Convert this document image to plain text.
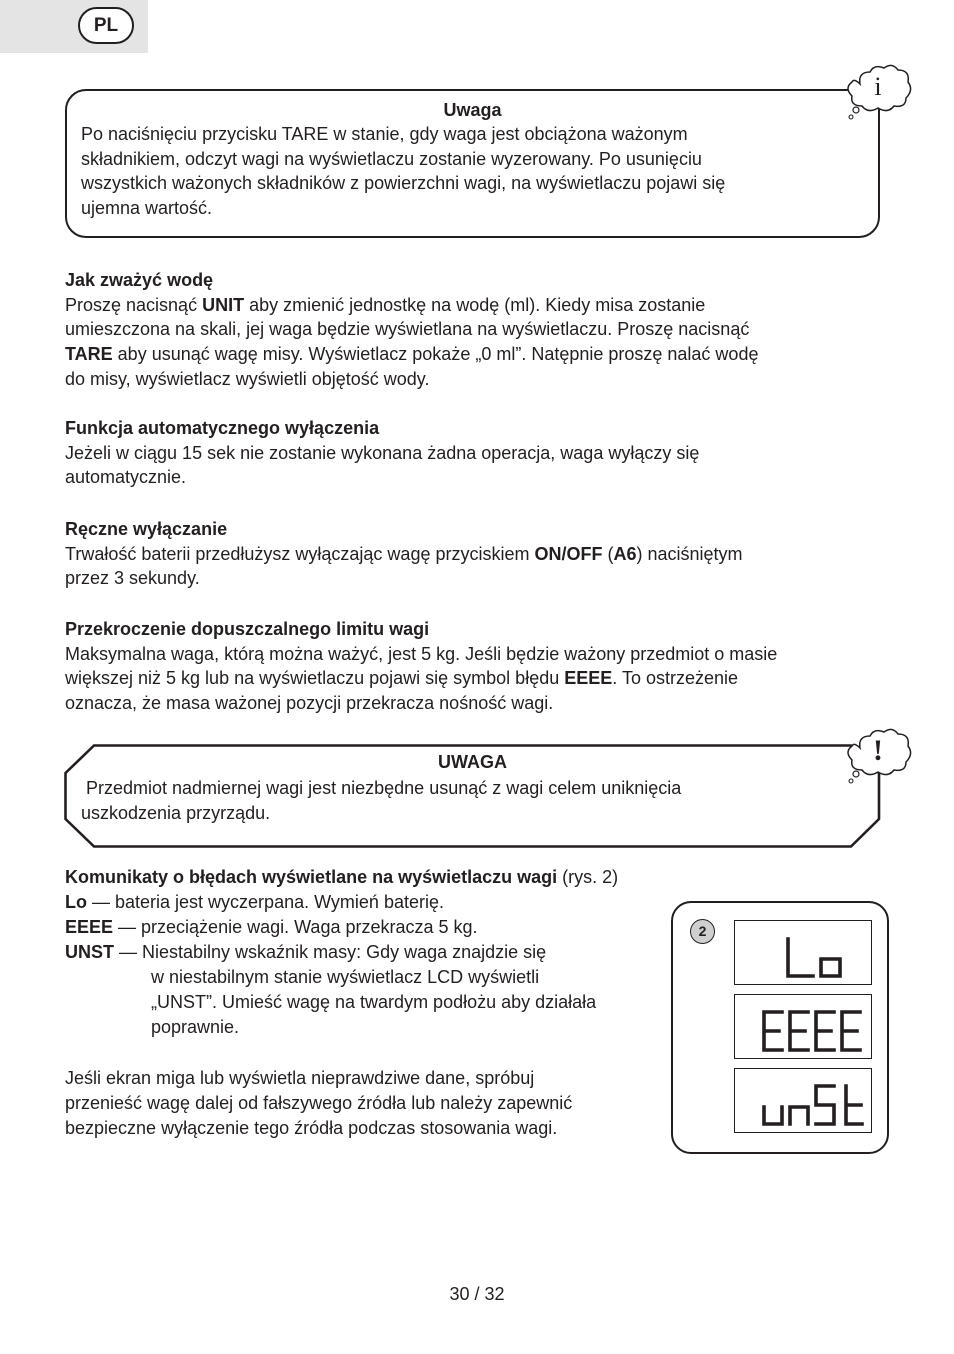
PL
Uwaga
Po naciśnięciu przycisku TARE w stanie, gdy waga jest obciążona ważonym
składnikiem, odczyt wagi na wyświetlaczu zostanie wyzerowany. Po usunięciu
wszystkich ważonych składników z powierzchni wagi, na wyświetlaczu pojawi się
ujemna wartość.
i
Jak zważyć wodę
Proszę nacisnąć UNIT aby zmienić jednostkę na wodę (ml). Kiedy misa zostanie
umieszczona na skali, jej waga będzie wyświetlana na wyświetlaczu. Proszę nacisnąć
TARE aby usunąć wagę misy. Wyświetlacz pokaże „0 ml”. Natępnie proszę nalać wodę
do misy, wyświetlacz wyświetli objętość wody.
Funkcja automatycznego wyłączenia
Jeżeli w ciągu 15 sek nie zostanie wykonana żadna operacja, waga wyłączy się
automatycznie.
Ręczne wyłączanie
Trwałość baterii przedłużysz wyłączając wagę przyciskiem ON/OFF (A6) naciśniętym
przez 3 sekundy.
Przekroczenie dopuszczalnego limitu wagi
Maksymalna waga, którą można ważyć, jest 5 kg. Jeśli będzie ważony przedmiot o masie
większej niż 5 kg lub na wyświetlaczu pojawi się symbol błędu EEEE. To ostrzeżenie
oznacza, że masa ważonej pozycji przekracza nośność wagi.
UWAGA
Przedmiot nadmiernej wagi jest niezbędne usunąć z wagi celem uniknięcia
uszkodzenia przyrządu.
!
Komunikaty o błędach wyświetlane na wyświetlaczu wagi (rys. 2)
Lo — bateria jest wyczerpana. Wymień baterię.
EEEE — przeciążenie wagi. Waga przekracza 5 kg.
UNST — Niestabilny wskaźnik masy: Gdy waga znajdzie się
w niestabilnym stanie wyświetlacz LCD wyświetli
„UNST”. Umieść wagę na twardym podłożu aby działała
poprawnie.
Jeśli ekran miga lub wyświetla nieprawdziwe dane, spróbuj
przenieść wagę dalej od fałszywego źródła lub należy zapewnić
bezpieczne wyłączenie tego źródła podczas stosowania wagi.
2
30 / 32
